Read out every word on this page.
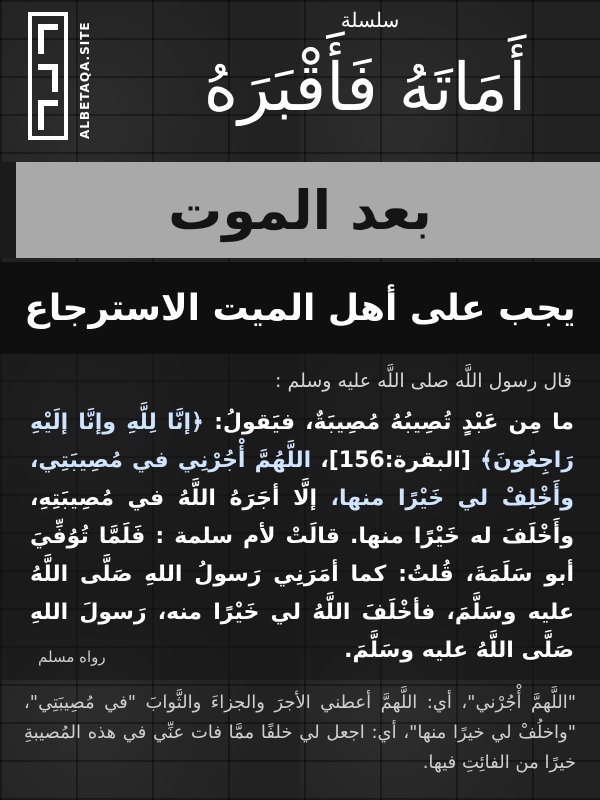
ALBETAQA.SITE
سلسلة
أَمَاتَهُ فَأَقْبَرَهُ
بعد الموت
يجب على أهل الميت الاسترجاع
قال رسول اللَّه صلى اللَّه عليه وسلم :
ما مِن عَبْدٍ تُصِيبُهُ مُصِيبَةٌ، فيَقولُ: ﴿إنَّا لِلَّهِ وإنَّا إلَيْهِ رَاجِعُونَ﴾ [البقرة:156]، اللَّهُمَّ أْجُرْنِي في مُصِيبَتِي، وأَخْلِفْ لي خَيْرًا منها، إلَّا أجَرَهُ اللَّهُ في مُصِيبَتِهِ، وأَخْلَفَ له خَيْرًا منها. قالَتْ لأم سلمة : فَلَمَّا تُوُفِّيَ أبو سَلَمَةَ، قُلتُ: كما أمَرَنِي رَسولُ اللهِ صَلَّى اللَّهُ عليه وسَلَّمَ، فأخْلَفَ اللَّهُ لي خَيْرًا منه، رَسولَ اللهِ صَلَّى اللَّهُ عليه وسَلَّمَ.
رواه مسلم
"اللَّهمَّ أْجُرْني"، أي: اللَّهمَّ أعطني الأجرَ والجزاءَ والثَّوابَ "في مُصِيبَتِي"، "واخلُفْ لي خيرًا منها"، أي: اجعل لي خلفًا ممَّا فات عنِّي في هذه المُصيبةِ خيرًا من الفائِتِ فيها.
